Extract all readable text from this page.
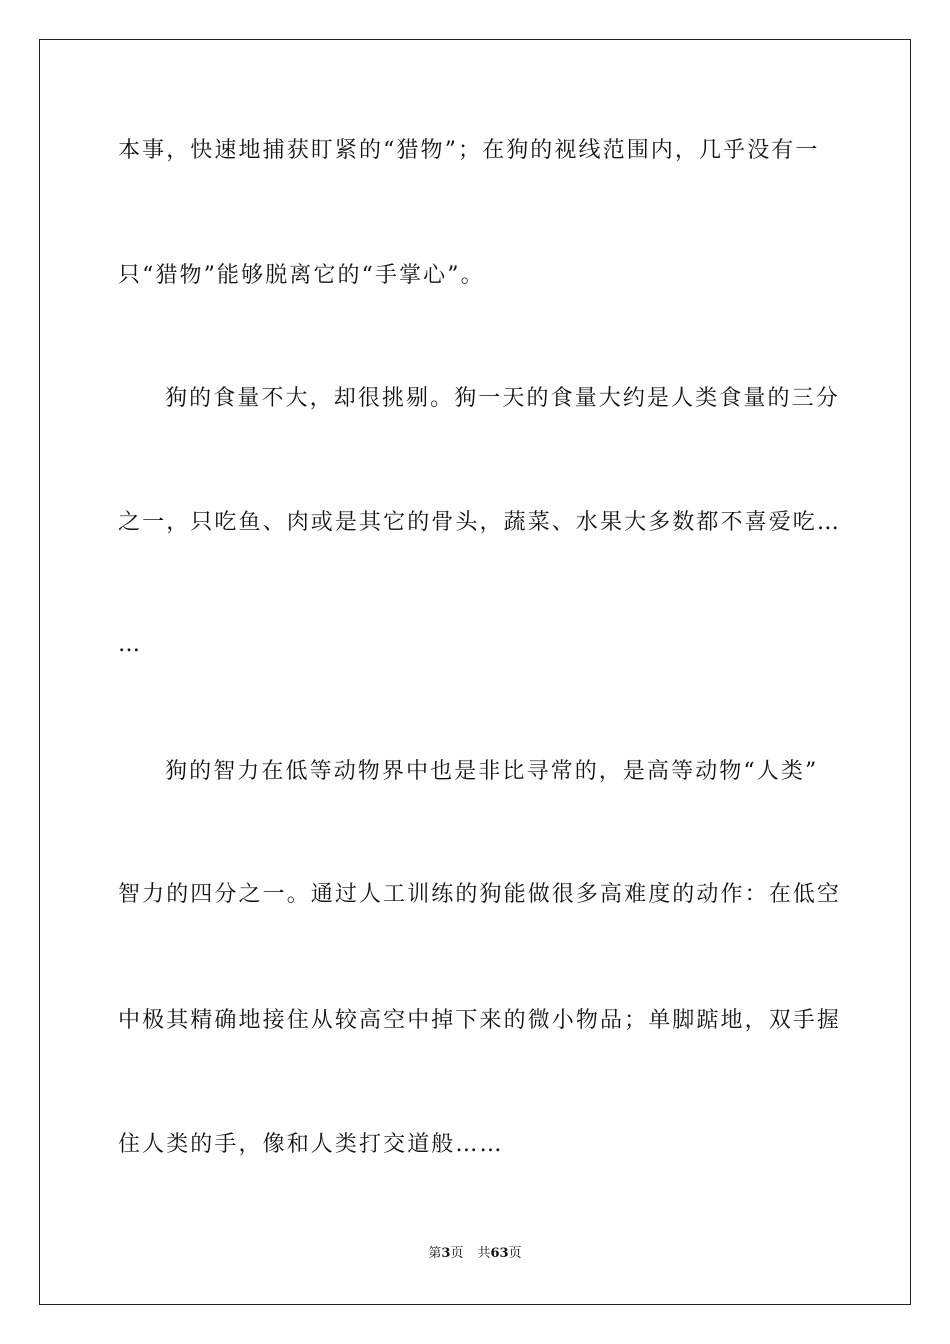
本事，快速地捕获盯紧的“猎物”；在狗的视线范围内，几乎没有一
只“猎物”能够脱离它的“手掌心”。
狗的食量不大，却很挑剔。狗一天的食量大约是人类食量的三分
之一，只吃鱼、肉或是其它的骨头，蔬菜、水果大多数都不喜爱吃…
…
狗的智力在低等动物界中也是非比寻常的，是高等动物“人类”
智力的四分之一。通过人工训练的狗能做很多高难度的动作：在低空
中极其精确地接住从较高空中掉下来的微小物品；单脚踮地，双手握
住人类的手，像和人类打交道般……
第3页 共63页
